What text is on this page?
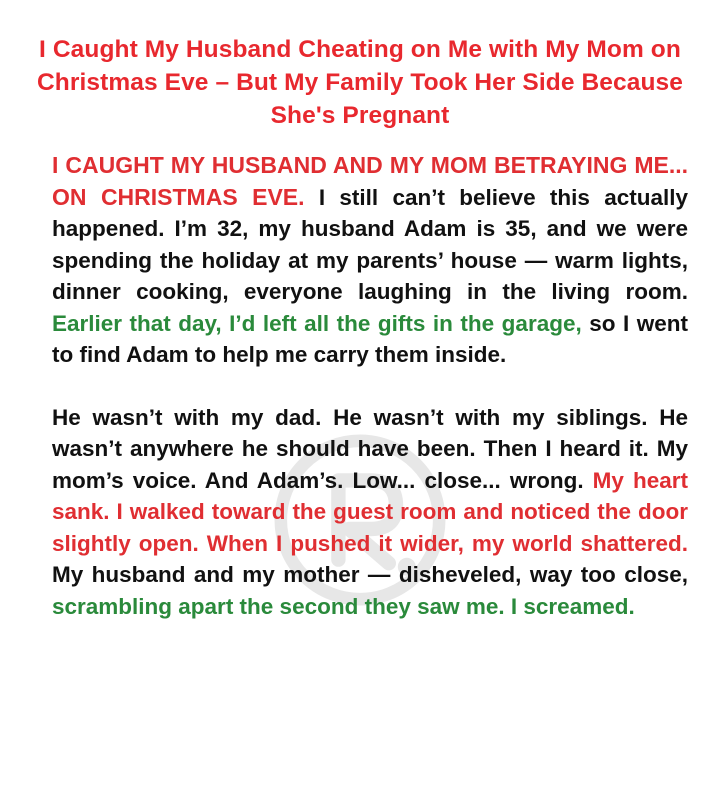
I Caught My Husband Cheating on Me with My Mom on Christmas Eve – But My Family Took Her Side Because She's Pregnant

I CAUGHT MY HUSBAND AND MY MOM BETRAYING ME... ON CHRISTMAS EVE. I still can’t believe this actually happened. I’m 32, my husband Adam is 35, and we were spending the holiday at my parents’ house — warm lights, dinner cooking, everyone laughing in the living room. Earlier that day, I’d left all the gifts in the garage, so I went to find Adam to help me carry them inside.

He wasn’t with my dad. He wasn’t with my siblings. He wasn’t anywhere he should have been. Then I heard it. My mom’s voice. And Adam’s. Low... close... wrong. My heart sank. I walked toward the guest room and noticed the door slightly open. When I pushed it wider, my world shattered. My husband and my mother — disheveled, way too close, scrambling apart the second they saw me. I screamed.
